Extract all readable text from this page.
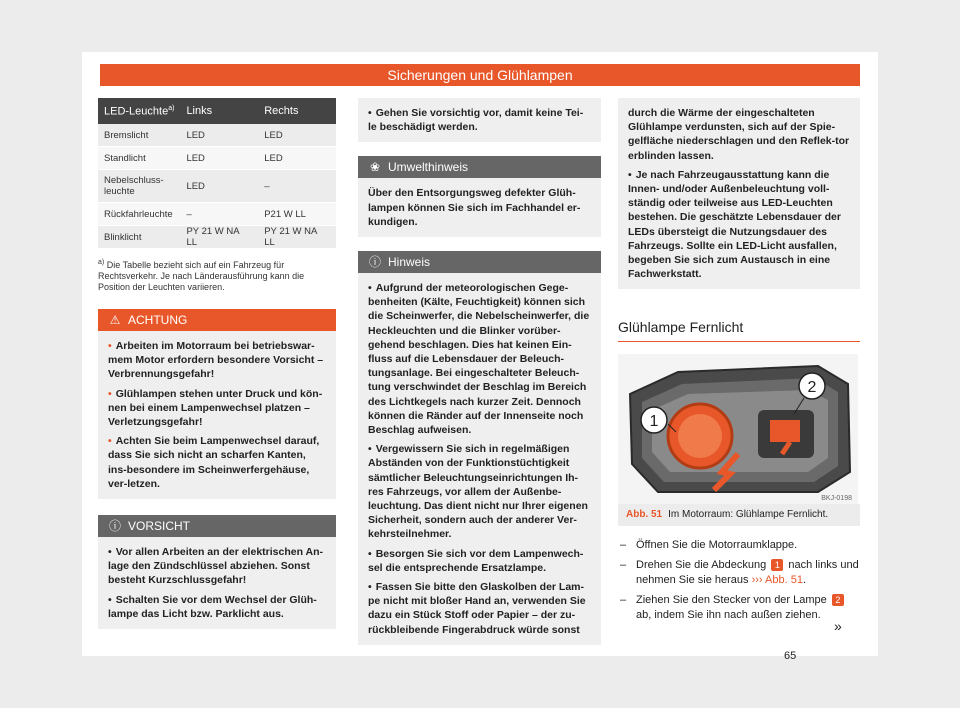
Sicherungen und Glühlampen
LED-Leuchte$^{a)}$	Links	Rechts
Bremslicht	LED	LED
Standlicht	LED	LED
Nebelschluss-
leuchte	LED	–
Rückfahrleuchte	–	P21 W LL
Blinklicht	PY 21 W NA LL	PY 21 W NA LL
$^{a)}$ Die Tabelle bezieht sich auf ein Fahrzeug für Rechtsverkehr. Je nach Länderausführung kann die Position der Leuchten variieren.
⚠ ACHTUNG

• Arbeiten im Motorraum bei betriebswar-mem Motor erfordern besondere Vorsicht – Verbrennungsgefahr!

• Glühlampen stehen unter Druck und kön-nen bei einem Lampenwechsel platzen – Verletzungsgefahr!

• Achten Sie beim Lampenwechsel darauf, dass Sie sich nicht an scharfen Kanten, ins-besondere im Scheinwerfergehäuse, ver-letzen.

ⓘ VORSICHT

• Vor allen Arbeiten an der elektrischen An-lage den Zündschlüssel abziehen. Sonst besteht Kurzschlussgefahr!

• Schalten Sie vor dem Wechsel der Glüh-lampe das Licht bzw. Parklicht aus.

• Gehen Sie vorsichtig vor, damit keine Tei-le beschädigt werden.

❀ Umwelthinweis
Über den Entsorgungsweg defekter Glüh-lampen können Sie sich im Fachhandel er-kundigen.
ⓘ Hinweis

• Aufgrund der meteorologischen Gege-benheiten (Kälte, Feuchtigkeit) können sich die Scheinwerfer, die Nebelscheinwerfer, die Heckleuchten und die Blinker vorüber-gehend beschlagen. Dies hat keinen Ein-fluss auf die Lebensdauer der Beleuch-tungsanlage. Bei eingeschalteter Beleuch-tung verschwindet der Beschlag im Bereich des Lichtkegels nach kurzer Zeit. Dennoch können die Ränder auf der Innenseite noch Beschlag aufweisen.

• Vergewissern Sie sich in regelmäßigen Abständen von der Funktionstüchtigkeit sämtlicher Beleuchtungseinrichtungen Ih-res Fahrzeugs, vor allem der Außenbe-leuchtung. Das dient nicht nur Ihrer eigenen Sicherheit, sondern auch der anderer Ver-kehrsteilnehmer.

• Besorgen Sie sich vor dem Lampenwech-sel die entsprechende Ersatzlampe.

• Fassen Sie bitte den Glaskolben der Lam-pe nicht mit bloßer Hand an, verwenden Sie dazu ein Stück Stoff oder Papier – der zu-rückbleibende Fingerabdruck würde sonst

durch die Wärme der eingeschalteten Glühlampe verdunsten, sich auf der Spie-gelfläche niederschlagen und den Reflek-tor erblinden lassen.

• Je nach Fahrzeugausstattung kann die Innen- und/oder Außenbeleuchtung voll-ständig oder teilweise aus LED-Leuchten bestehen. Die geschätzte Lebensdauer der LEDs übersteigt die Nutzungsdauer des Fahrzeugs. Sollte ein LED-Licht ausfallen, begeben Sie sich zum Austausch in eine Fachwerkstatt.

Glühlampe Fernlicht
1
2
BKJ-0198
Abb. 51 Im Motorraum: Glühlampe Fernlicht.
– Öffnen Sie die Motorraumklappe.
– Drehen Sie die Abdeckung 1 nach links und nehmen Sie sie heraus ››› Abb. 51.
– Ziehen Sie den Stecker von der Lampe 2 ab, indem Sie ihn nach außen ziehen.
»
65
